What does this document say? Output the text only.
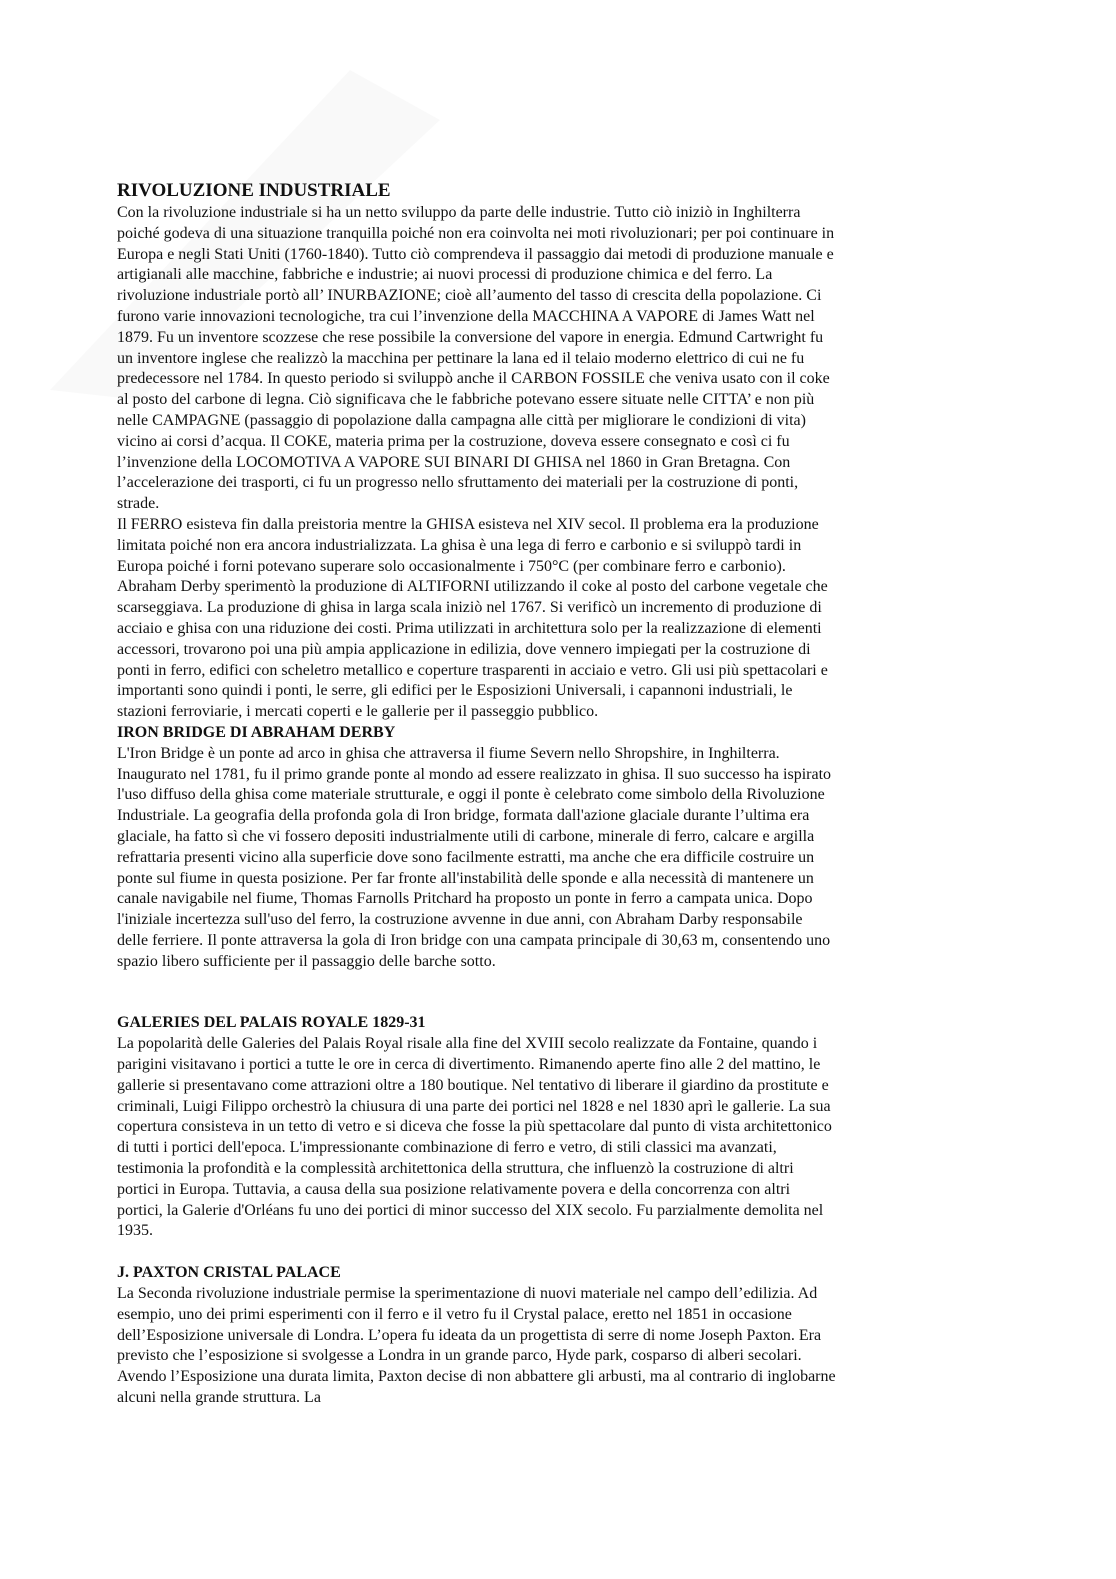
RIVOLUZIONE INDUSTRIALE

Con la rivoluzione industriale si ha un netto sviluppo da parte delle industrie. Tutto ciò iniziò in Inghilterra poiché godeva di una situazione tranquilla poiché non era coinvolta nei moti rivoluzionari; per poi continuare in Europa e negli Stati Uniti (1760-1840). Tutto ciò comprendeva il passaggio dai metodi di produzione manuale e artigianali alle macchine, fabbriche e industrie; ai nuovi processi di produzione chimica e del ferro. La rivoluzione industriale portò all’ INURBAZIONE; cioè all’aumento del tasso di crescita della popolazione. Ci furono varie innovazioni tecnologiche, tra cui l’invenzione della MACCHINA A VAPORE di James Watt nel 1879. Fu un inventore scozzese che rese possibile la conversione del vapore in energia. Edmund Cartwright fu un inventore inglese che realizzò la macchina per pettinare la lana ed il telaio moderno elettrico di cui ne fu predecessore nel 1784. In questo periodo si sviluppò anche il CARBON FOSSILE che veniva usato con il coke al posto del carbone di legna. Ciò significava che le fabbriche potevano essere situate nelle CITTA’ e non più nelle CAMPAGNE (passaggio di popolazione dalla campagna alle città per migliorare le condizioni di vita) vicino ai corsi d’acqua. Il COKE, materia prima per la costruzione, doveva essere consegnato e così ci fu l’invenzione della LOCOMOTIVA A VAPORE SUI BINARI DI GHISA nel 1860 in Gran Bretagna. Con l’accelerazione dei trasporti, ci fu un progresso nello sfruttamento dei materiali per la costruzione di ponti, strade.

Il FERRO esisteva fin dalla preistoria mentre la GHISA esisteva nel XIV secol. Il problema era la produzione limitata poiché non era ancora industrializzata. La ghisa è una lega di ferro e carbonio e si sviluppò tardi in Europa poiché i forni potevano superare solo occasionalmente i 750°C (per combinare ferro e carbonio). Abraham Derby sperimentò la produzione di ALTIFORNI utilizzando il coke al posto del carbone vegetale che scarseggiava. La produzione di ghisa in larga scala iniziò nel 1767. Si verificò un incremento di produzione di acciaio e ghisa con una riduzione dei costi. Prima utilizzati in architettura solo per la realizzazione di elementi accessori, trovarono poi una più ampia applicazione in edilizia, dove vennero impiegati per la costruzione di ponti in ferro, edifici con scheletro metallico e coperture trasparenti in acciaio e vetro. Gli usi più spettacolari e importanti sono quindi i ponti, le serre, gli edifici per le Esposizioni Universali, i capannoni industriali, le stazioni ferroviarie, i mercati coperti e le gallerie per il passeggio pubblico.

IRON BRIDGE DI ABRAHAM DERBY

L'Iron Bridge è un ponte ad arco in ghisa che attraversa il fiume Severn nello Shropshire, in Inghilterra. Inaugurato nel 1781, fu il primo grande ponte al mondo ad essere realizzato in ghisa. Il suo successo ha ispirato l'uso diffuso della ghisa come materiale strutturale, e oggi il ponte è celebrato come simbolo della Rivoluzione Industriale. La geografia della profonda gola di Iron bridge, formata dall'azione glaciale durante l’ultima era glaciale, ha fatto sì che vi fossero depositi industrialmente utili di carbone, minerale di ferro, calcare e argilla refrattaria presenti vicino alla superficie dove sono facilmente estratti, ma anche che era difficile costruire un ponte sul fiume in questa posizione. Per far fronte all'instabilità delle sponde e alla necessità di mantenere un canale navigabile nel fiume, Thomas Farnolls Pritchard ha proposto un ponte in ferro a campata unica. Dopo l'iniziale incertezza sull'uso del ferro, la costruzione avvenne in due anni, con Abraham Darby responsabile delle ferriere. Il ponte attraversa la gola di Iron bridge con una campata principale di 30,63 m, consentendo uno spazio libero sufficiente per il passaggio delle barche sotto.

GALERIES DEL PALAIS ROYALE 1829-31

La popolarità delle Galeries del Palais Royal risale alla fine del XVIII secolo realizzate da Fontaine, quando i parigini visitavano i portici a tutte le ore in cerca di divertimento. Rimanendo aperte fino alle 2 del mattino, le gallerie si presentavano come attrazioni oltre a 180 boutique. Nel tentativo di liberare il giardino da prostitute e criminali, Luigi Filippo orchestrò la chiusura di una parte dei portici nel 1828 e nel 1830 aprì le gallerie. La sua copertura consisteva in un tetto di vetro e si diceva che fosse la più spettacolare dal punto di vista architettonico di tutti i portici dell'epoca. L'impressionante combinazione di ferro e vetro, di stili classici ma avanzati, testimonia la profondità e la complessità architettonica della struttura, che influenzò la costruzione di altri portici in Europa. Tuttavia, a causa della sua posizione relativamente povera e della concorrenza con altri portici, la Galerie d'Orléans fu uno dei portici di minor successo del XIX secolo. Fu parzialmente demolita nel 1935.

J. PAXTON CRISTAL PALACE

La Seconda rivoluzione industriale permise la sperimentazione di nuovi materiale nel campo dell’edilizia. Ad esempio, uno dei primi esperimenti con il ferro e il vetro fu il Crystal palace, eretto nel 1851 in occasione dell’Esposizione universale di Londra. L’opera fu ideata da un progettista di serre di nome Joseph Paxton. Era previsto che l’esposizione si svolgesse a Londra in un grande parco, Hyde park, cosparso di alberi secolari. Avendo l’Esposizione una durata limita, Paxton decise di non abbattere gli arbusti, ma al contrario di inglobarne alcuni nella grande struttura. La
